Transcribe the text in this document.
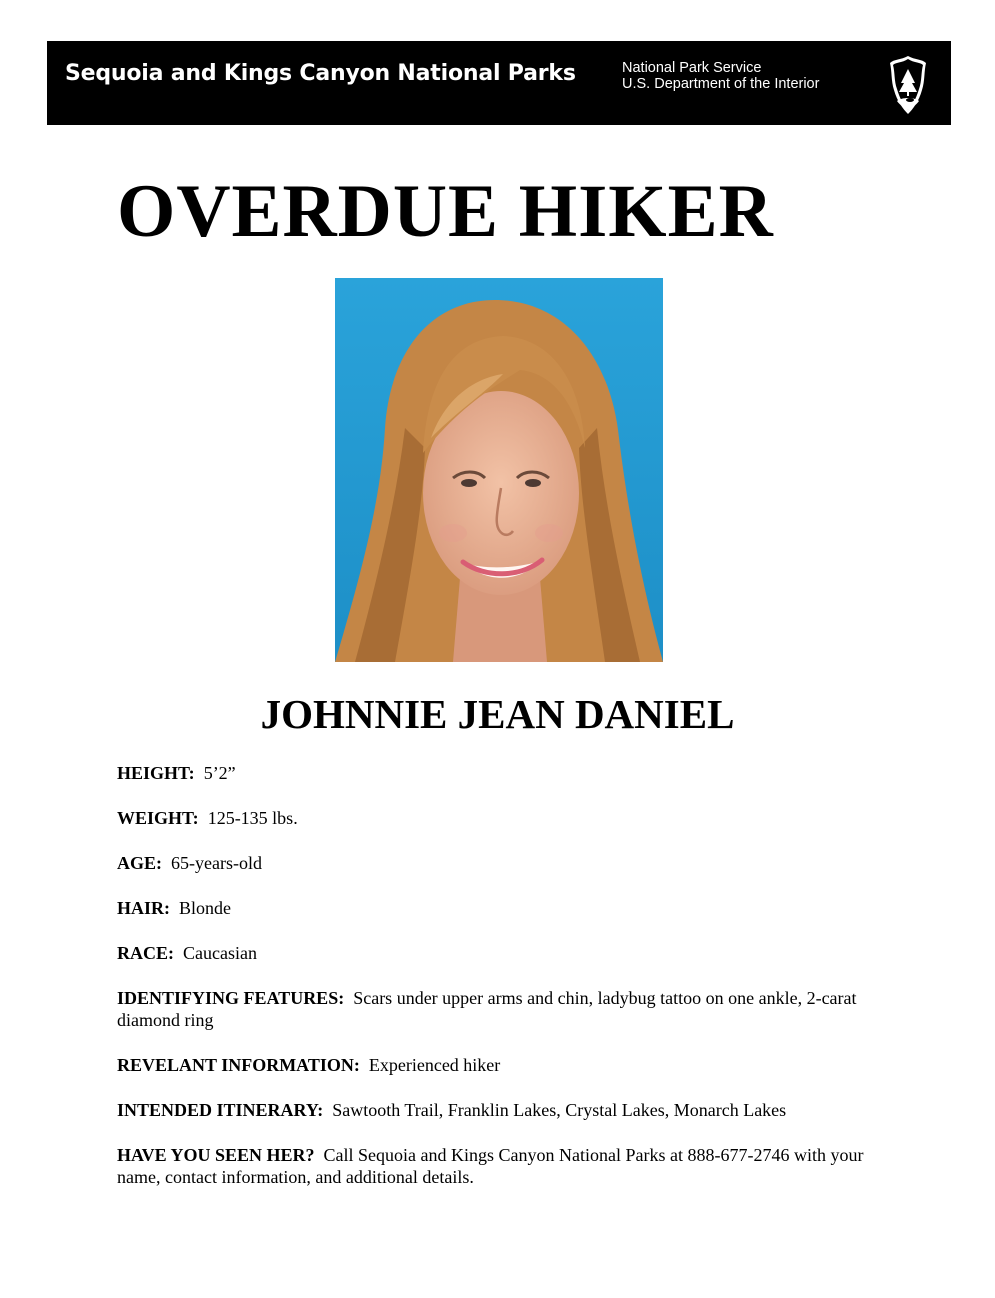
Sequoia and Kings Canyon National Parks	National Park Service
U.S. Department of the Interior
OVERDUE HIKER
JOHNNIE JEAN DANIEL
HEIGHT: 5’2”
WEIGHT: 125-135 lbs.
AGE: 65-years-old
HAIR: Blonde
RACE: Caucasian
IDENTIFYING FEATURES: Scars under upper arms and chin, ladybug tattoo on one ankle, 2-carat diamond ring
REVELANT INFORMATION: Experienced hiker
INTENDED ITINERARY: Sawtooth Trail, Franklin Lakes, Crystal Lakes, Monarch Lakes
HAVE YOU SEEN HER? Call Sequoia and Kings Canyon National Parks at 888-677-2746 with your name, contact information, and additional details.
